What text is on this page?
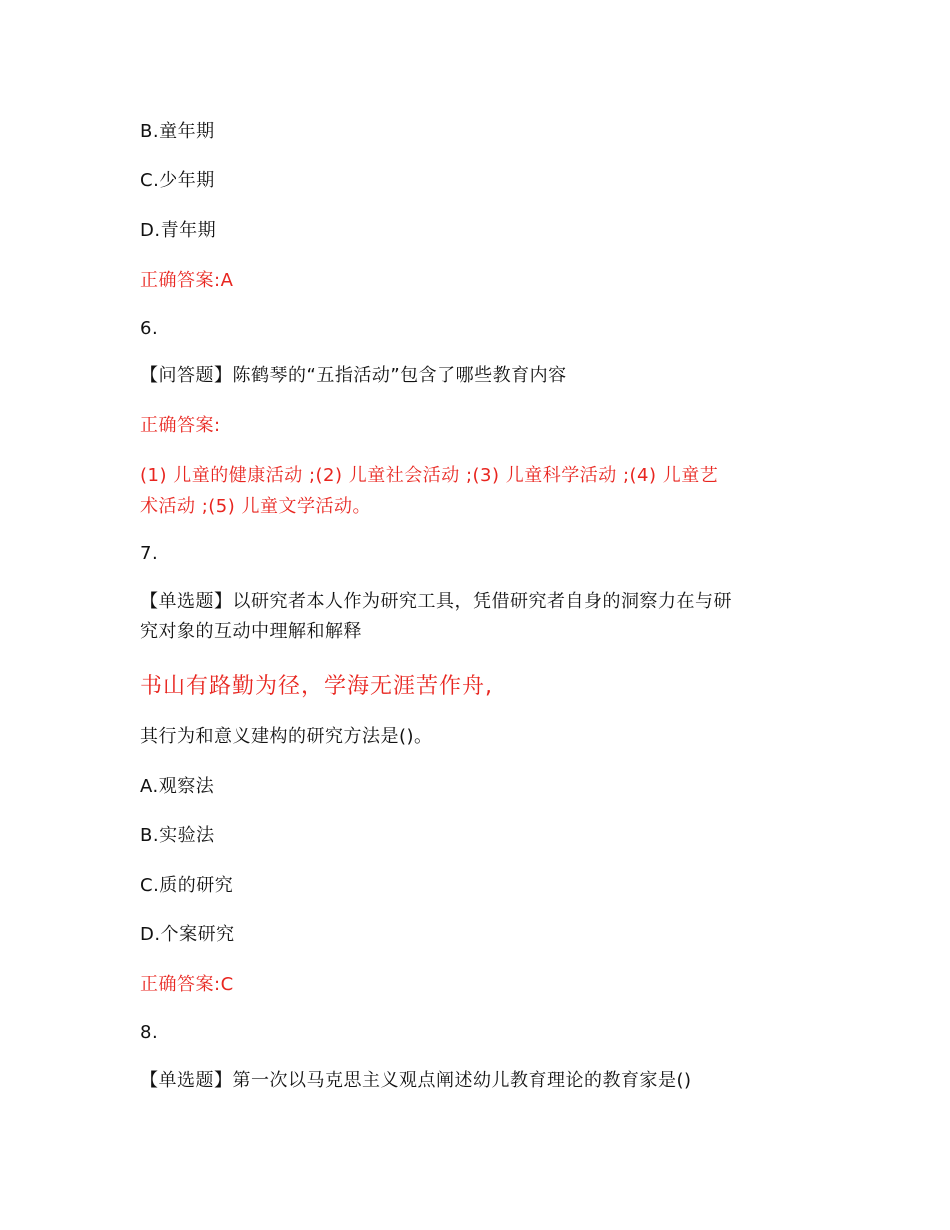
B.童年期
C.少年期
D.青年期
正确答案:A
6.
【问答题】陈鹤琴的“五指活动”包含了哪些教育内容
正确答案:
(1) 儿童的健康活动 ;(2) 儿童社会活动 ;(3) 儿童科学活动 ;(4) 儿童艺
术活动 ;(5) 儿童文学活动。
7.
【单选题】以研究者本人作为研究工具，凭借研究者自身的洞察力在与研
究对象的互动中理解和解释
书山有路勤为径，学海无涯苦作舟,
其行为和意义建构的研究方法是()。
A.观察法
B.实验法
C.质的研究
D.个案研究
正确答案:C
8.
【单选题】第一次以马克思主义观点阐述幼儿教育理论的教育家是()
